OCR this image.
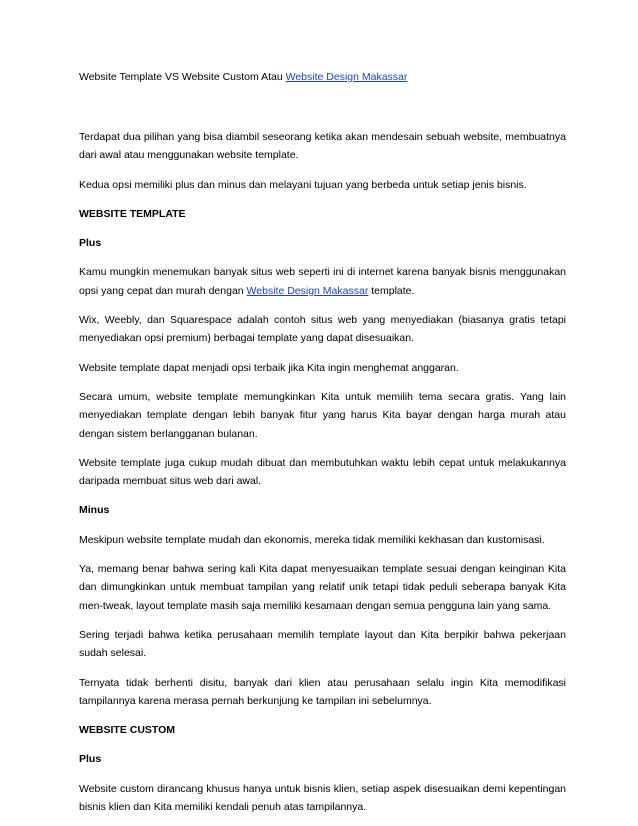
Website Template VS Website Custom Atau Website Design Makassar

Terdapat dua pilihan yang bisa diambil seseorang ketika akan mendesain sebuah website, membuatnya dari awal atau menggunakan website template.

Kedua opsi memiliki plus dan minus dan melayani tujuan yang berbeda untuk setiap jenis bisnis.

WEBSITE TEMPLATE

Plus

Kamu mungkin menemukan banyak situs web seperti ini di internet karena banyak bisnis menggunakan opsi yang cepat dan murah dengan Website Design Makassar template.

Wix, Weebly, dan Squarespace adalah contoh situs web yang menyediakan (biasanya gratis tetapi menyediakan opsi premium) berbagai template yang dapat disesuaikan.

Website template dapat menjadi opsi terbaik jika Kita ingin menghemat anggaran.

Secara umum, website template memungkinkan Kita untuk memilih tema secara gratis. Yang lain menyediakan template dengan lebih banyak fitur yang harus Kita bayar dengan harga murah atau dengan sistem berlangganan bulanan.

Website template juga cukup mudah dibuat dan membutuhkan waktu lebih cepat untuk melakukannya daripada membuat situs web dari awal.

Minus

Meskipun website template mudah dan ekonomis, mereka tidak memiliki kekhasan dan kustomisasi.

Ya, memang benar bahwa sering kali Kita dapat menyesuaikan template sesuai dengan keinginan Kita dan dimungkinkan untuk membuat tampilan yang relatif unik tetapi tidak peduli seberapa banyak Kita men-tweak, layout template masih saja memiliki kesamaan dengan semua pengguna lain yang sama.

Sering terjadi bahwa ketika perusahaan memilih template layout dan Kita berpikir bahwa pekerjaan sudah selesai.

Ternyata tidak berhenti disitu, banyak dari klien atau perusahaan selalu ingin Kita memodifikasi tampilannya karena merasa pernah berkunjung ke tampilan ini sebelumnya.

WEBSITE CUSTOM

Plus

Website custom dirancang khusus hanya untuk bisnis klien, setiap aspek disesuaikan demi kepentingan bisnis klien dan Kita memiliki kendali penuh atas tampilannya.
